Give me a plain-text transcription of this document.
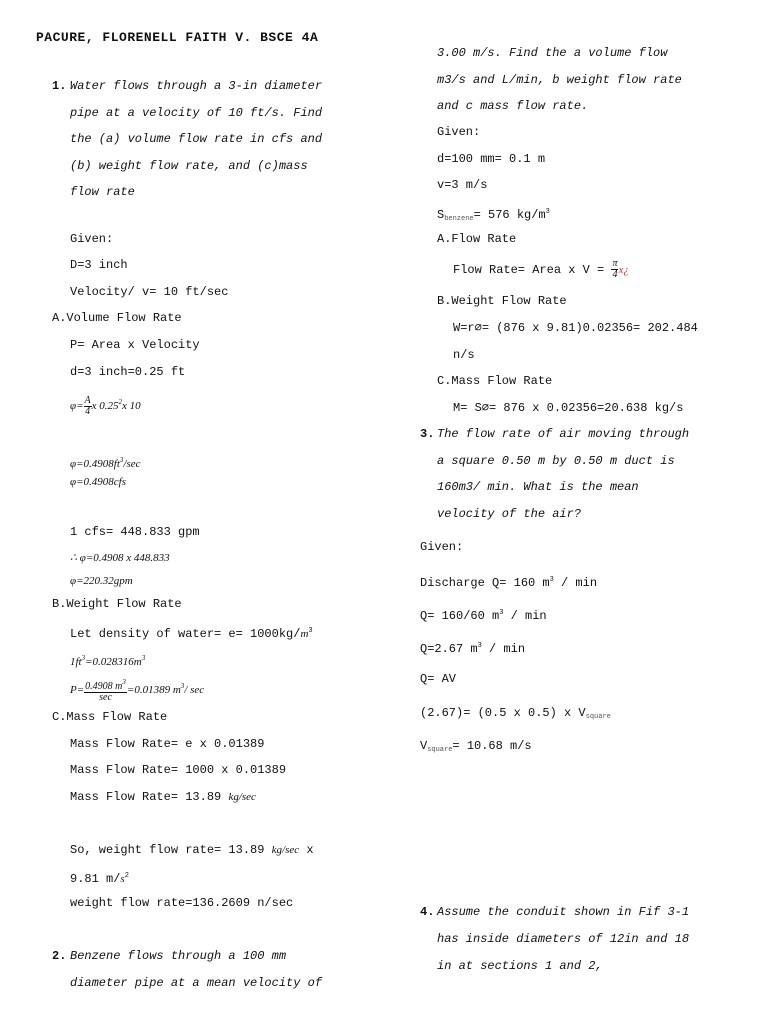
PACURE, FLORENELL FAITH V. BSCE 4A
1. Water flows through a 3-in diameter
pipe at a velocity of 10 ft/s. Find
the (a) volume flow rate in cfs and
(b) weight flow rate, and (c)mass
flow rate
Given:
D=3 inch
Velocity/ v= 10 ft/sec
A.Volume Flow Rate
P= Area x Velocity
d=3 inch=0.25 ft
$\varphi= \frac{A}{4}$ x 0.25$^2$x 10
$\varphi=0.4908ft^3/\sec$
φ=0.4908cfs
1 cfs= 448.833 gpm
∴ φ=0.4908 x 448.833
φ=220.32gpm
B.Weight Flow Rate
Let density of water= $e= 1000kg/m^3$
$1ft^3=0.028316m^3$
$P= \frac{0.4908 m^3}{\sec} =0.01389$ $m^3/$ sec
C.Mass Flow Rate
Mass Flow Rate= e x 0.01389
Mass Flow Rate= 1000 x 0.01389
Mass Flow Rate= 13.89 kg/sec
So, weight flow rate= 13.89 kg/sec x
9.81 $m/s^2$
weight flow rate=136.2609 n/sec
2. Benzene flows through a 100 mm
diameter pipe at a mean velocity of
3.00 m/s. Find the a volume flow
m3/s and L/min, b weight flow rate
and c mass flow rate.
Given:
d=100 mm= 0.1 m
v=3 m/s
$S_{benzene}= 576$ $kg/m^3$
A.Flow Rate
Flow Rate= Area x $V = \frac{\pi}{4}$ x¿
B.Weight Flow Rate
W=r∅= (876 x 9.81)0.02356= 202.484
n/s
C.Mass Flow Rate
M= S∅= 876 x 0.02356=20.638 kg/s
3. The flow rate of air moving through
a square 0.50 m by 0.50 m duct is
160m3/ min. What is the mean
velocity of the air?
Given:
Discharge Q= 160 $m^3$ / min
Q= 160/60 $m^3$ / min
Q=2.67 $m^3$ / min
Q= AV
(2.67)= (0.5 x 0.5) x $V_{square}$
$V_{square}= 10.68$ m/s
4. Assume the conduit shown in Fif 3-1
has inside diameters of 12in and 18
in at sections 1 and 2,
